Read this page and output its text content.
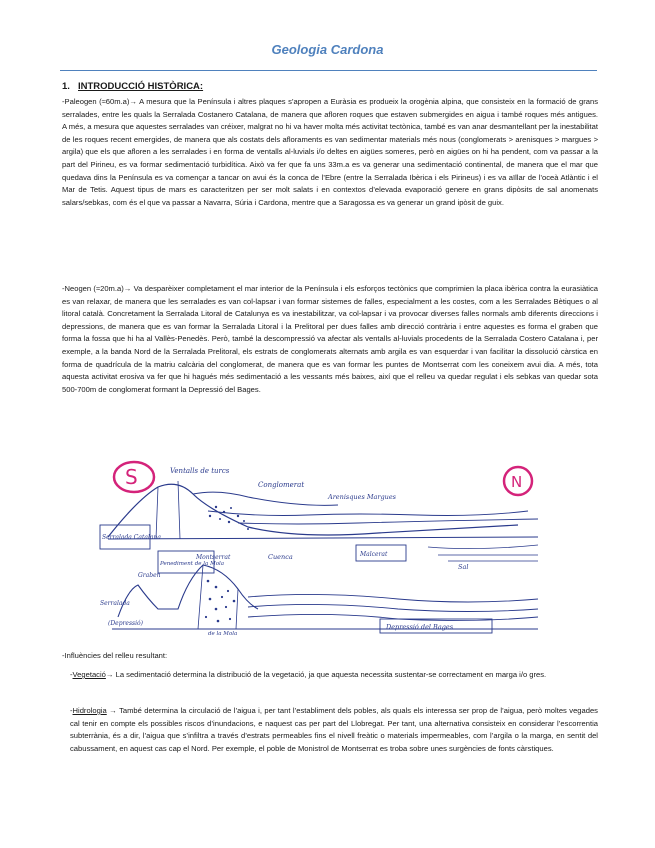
Geologia Cardona
1. INTRODUCCIÓ HISTÒRICA:

-Paleogen (≈60m.a)→ A mesura que la Península i altres plaques s’apropen a Euràsia es produeix la orogènia alpina, que consisteix en la formació de grans serralades, entre les quals la Serralada Costanero Catalana, de manera que afloren roques que estaven submergides en aigua i també roques més antigues. A més, a mesura que aquestes serralades van créixer, malgrat no hi va haver molta més activitat tectònica, també es van anar desmantellant per la inestabilitat de les roques recent emergides, de manera que als costats dels afloraments es van sedimentar materials més nous (conglomerats > arenisques > margues > argila) que els que afloren a les serralades i en forma de ventalls al-luvials i/o deltes en aigües someres, però en aigües on hi ha pendent, com va passar a la part del Pirineu, es va formar sedimentació turbidítica. Això va fer que fa uns 33m.a es va generar una sedimentació continental, de manera que el mar que quedava dins la Península es va començar a tancar on avui és la conca de l’Ebre (entre la Serralada Ibèrica i els Pirineus) i es va aïllar de l’oceà Atlàntic i el Mar de Tetis. Aquest tipus de mars es caracteritzen per ser molt salats i en contextos d’elevada evaporació genere en grans dipòsits de sal anomenats salars/sebkas, com és el que va passar a Navarra, Súria i Cardona, mentre que a Saragossa es va generar un grand ipòsit de guix.

-Neogen (≈20m.a)→ Va desparèixer completament el mar interior de la Península i els esforços tectònics que comprimien la placa ibèrica contra la eurasiàtica es van relaxar, de manera que les serralades es van col-lapsar i van formar sistemes de falles, especialment a les costes, com a les Serralades Bètiques o al litoral català. Concretament la Serralada Litoral de Catalunya es va inestabilitzar, va col-lapsar i va provocar diverses falles normals amb diferents direccions i depressions, de manera que es van formar la Serralada Litoral i la Prelitoral per dues falles amb direcció contrària i entre aquestes es forma el graben que forma la fossa que hi ha al Vallès-Penedès. Però, també la descompressió va afectar als ventalls al-luvials procedents de la Serralada Costero Catalana i, per exemple, a la banda Nord de la Serralada Prelitoral, els estrats de conglomerats alternats amb argila es van esquerdar i van facilitar la dissolució càrstica en forma de quadrícula de la matriu calcària del conglomerat, de manera que es van formar les puntes de Montserrat com les coneixem avui dia. A més, tota aquesta activitat erosiva va fer que hi hagués més sedimentació a les vessants més baixes, així que el relleu va quedar regulat i els sebkas van quedar sota 500-700m de conglomerat formant la Depressió del Bages.

S	N
Ventalls de turcs
Conglomerat
Arenisques Margues
Serralada Catalana
Penediment de la Mola
Cuenca	Malcerat
Sal
Graben
Serralada
Montserrat
Depressió del Bages
(Depressió)
de la Mola

-Influències del relleu resultant:

-Vegetació→ La sedimentació determina la distribució de la vegetació, ja que aquesta necessita sustentar-se correctament en marga i/o gres.

-Hidrologia → També determina la circulació de l’aigua i, per tant l’establiment dels pobles, als quals els interessa ser prop de l’aigua, però moltes vegades cal tenir en compte els possibles riscos d’inundacions, e naquest cas per part del Llobregat. Per tant, una alternativa consisteix en considerar l’escorrentia subterrània, és a dir, l’aigua que s’infiltra a través d’estrats permeables fins el nivell freàtic o materials impermeables, com l’argila o la marga, en sentit del cabussament, en aquest cas cap el Nord. Per exemple, el poble de Monistrol de Montserrat es troba sobre unes surgències de fonts càrstiques.
